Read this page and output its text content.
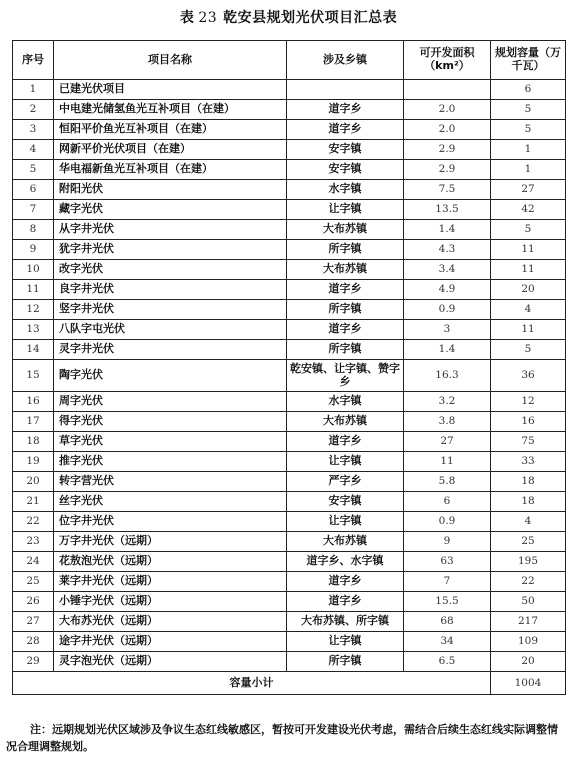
表 23 乾安县规划光伏项目汇总表
序号	项目名称	涉及乡镇	可开发面积（km²）	规划容量（万千瓦）
1	已建光伏项目			6
2	中电建光储氢鱼光互补项目（在建）	道字乡	2.0	5
3	恒阳平价鱼光互补项目（在建）	道字乡	2.0	5
4	网新平价光伏项目（在建）	安字镇	2.9	1
5	华电福新鱼光互补项目（在建）	安字镇	2.9	1
6	附阳光伏	水字镇	7.5	27
7	藏字光伏	让字镇	13.5	42
8	从字井光伏	大布苏镇	1.4	5
9	犹字井光伏	所字镇	4.3	11
10	改字光伏	大布苏镇	3.4	11
11	良字井光伏	道字乡	4.9	20
12	竖字井光伏	所字镇	0.9	4
13	八队字屯光伏	道字乡	3	11
14	灵字井光伏	所字镇	1.4	5
15	陶字光伏	乾安镇、让字镇、赞字乡	16.3	36
16	周字光伏	水字镇	3.2	12
17	得字光伏	大布苏镇	3.8	16
18	草字光伏	道字乡	27	75
19	推字光伏	让字镇	11	33
20	转字营光伏	严字乡	5.8	18
21	丝字光伏	安字镇	6	18
22	位字井光伏	让字镇	0.9	4
23	万字井光伏（远期）	大布苏镇	9	25
24	花敖泡光伏（远期）	道字乡、水字镇	63	195
25	莱字井光伏（远期）	道字乡	7	22
26	小锤字光伏（远期）	道字乡	15.5	50
27	大布苏光伏（远期）	大布苏镇、所字镇	68	217
28	途字井光伏（远期）	让字镇	34	109
29	灵字泡光伏（远期）	所字镇	6.5	20
容量小计				1004
注：远期规划光伏区域涉及争议生态红线敏感区，暂按可开发建设光伏考虑，需结合后续生态红线实际调整情况合理调整规划。
